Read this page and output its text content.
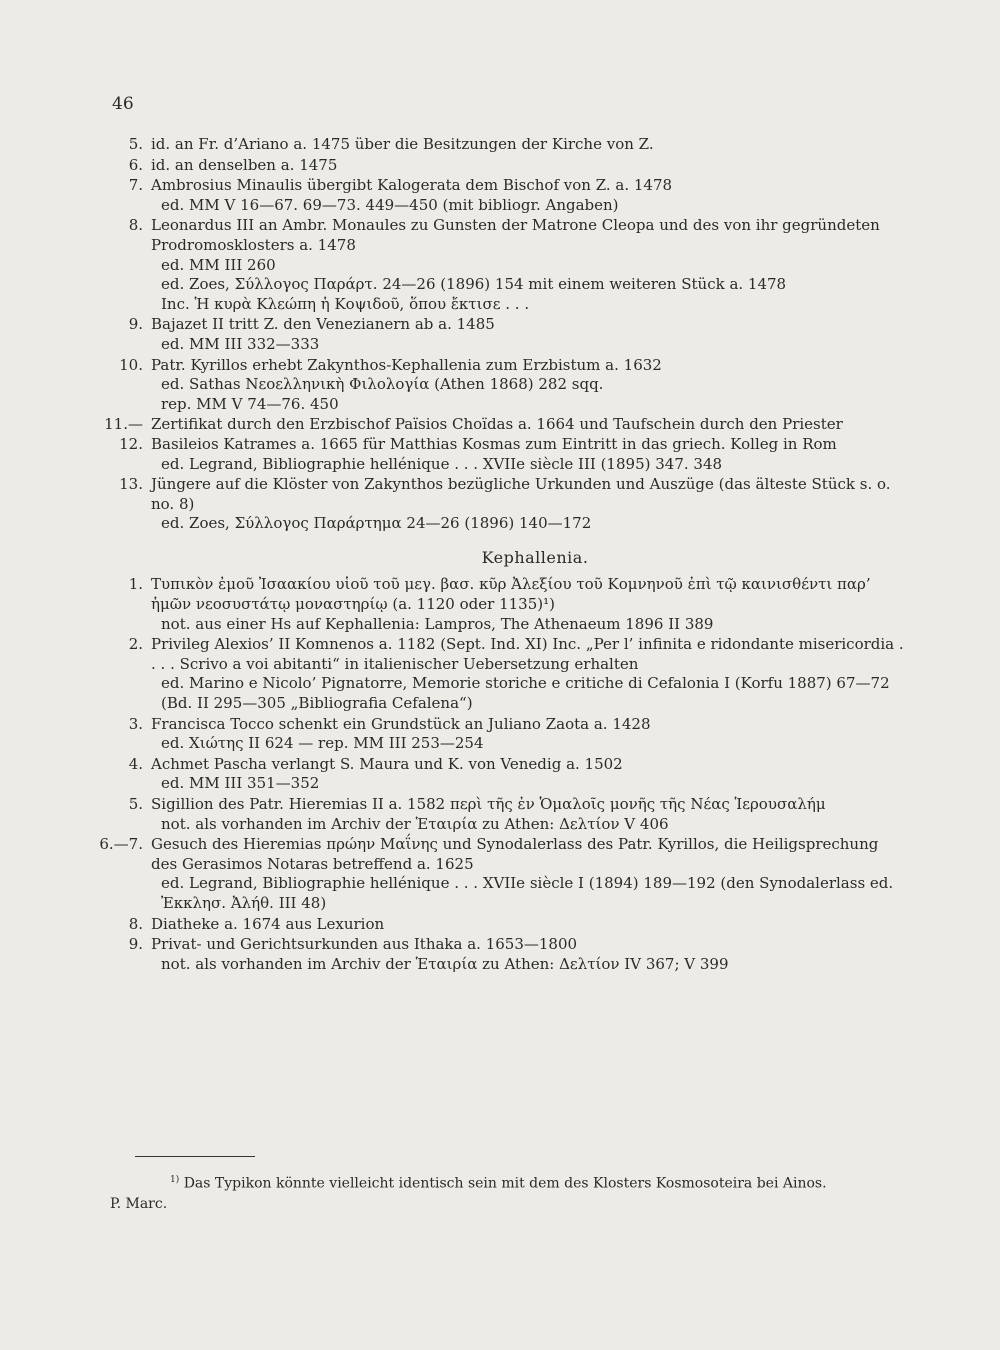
46
5. id. an Fr. d’Ariano a. 1475 über die Besitzungen der Kirche von Z.
6. id. an denselben a. 1475
7. Ambrosius Minaulis übergibt Kalogerata dem Bischof von Z. a. 1478
ed. MM V 16—67. 69—73. 449—450 (mit bibliogr. Angaben)
8. Leonardus III an Ambr. Monaules zu Gunsten der Matrone Cleopa und des von ihr gegründeten Prodromosklosters a. 1478
ed. MM III 260
ed. Zoes, Σύλλογος Παράρτ. 24—26 (1896) 154 mit einem weiteren Stück a. 1478
Inc. Ἡ κυρὰ Κλεώπη ἡ Κοψιδοῦ, ὅπου ἔκτισε . . .
9. Bajazet II tritt Z. den Venezianern ab a. 1485
ed. MM III 332—333
10. Patr. Kyrillos erhebt Zakynthos-Kephallenia zum Erzbistum a. 1632
ed. Sathas Νεοελληνικὴ Φιλολογία (Athen 1868) 282 sqq.
rep. MM V 74—76. 450
11.—12.
Zertifikat durch den Erzbischof Païsios Choïdas a. 1664 und Taufschein durch den Priester Basileios Katrames a. 1665 für Matthias Kosmas zum Eintritt in das griech. Kolleg in Rom
ed. Legrand, Bibliographie hellénique . . . XVIIe siècle III (1895) 347. 348
13. Jüngere auf die Klöster von Zakynthos bezügliche Urkunden und Auszüge (das älteste Stück s. o. no. 8)
ed. Zoes, Σύλλογος Παράρτημα 24—26 (1896) 140—172
Kephallenia.
1. Τυπικὸν ἐμοῦ Ἰσαακίου υἱοῦ τοῦ μεγ. βασ. κῦρ Ἀλεξίου τοῦ Κομνηνοῦ ἐπὶ τῷ καινισθέντι παρ’ ἡμῶν νεοσυστάτῳ μοναστηρίῳ (a. 1120 oder 1135)¹)
not. aus einer Hs auf Kephallenia: Lampros, The Athenaeum 1896 II 389
2. Privileg Alexios’ II Komnenos a. 1182 (Sept. Ind. XI) Inc. „Per l’ infinita e ridondante misericordia . . . . Scrivo a voi abitanti“ in italienischer Uebersetzung erhalten
ed. Marino e Nicolo’ Pignatorre, Memorie storiche e critiche di Cefalonia I (Korfu 1887) 67—72 (Bd. II 295—305 „Bibliografia Cefalena“)
3. Francisca Tocco schenkt ein Grundstück an Juliano Zaota a. 1428
ed. Χιώτης II 624 — rep. MM III 253—254
4. Achmet Pascha verlangt S. Maura und K. von Venedig a. 1502
ed. MM III 351—352
5. Sigillion des Patr. Hieremias II a. 1582 περὶ τῆς ἐν Ὁμαλοῖς μονῆς τῆς Νέας Ἱερουσαλήμ
not. als vorhanden im Archiv der Ἑταιρία zu Athen: Δελτίον V 406
6.—7. Gesuch des Hieremias πρώην Μαΐνης und Synodalerlass des Patr. Kyrillos, die Heiligsprechung des Gerasimos Notaras betreffend a. 1625
ed. Legrand, Bibliographie hellénique . . . XVIIe siècle I (1894) 189—192 (den Synodalerlass ed. Ἐκκλησ. Ἀλήθ. III 48)
8. Diatheke a. 1674 aus Lexurion
9. Privat- und Gerichtsurkunden aus Ithaka a. 1653—1800
not. als vorhanden im Archiv der Ἑταιρία zu Athen: Δελτίον IV 367; V 399
$^{1)}$ Das Typikon könnte vielleicht identisch sein mit dem des Klosters Kosmosoteira bei Ainos.
P. Marc.
